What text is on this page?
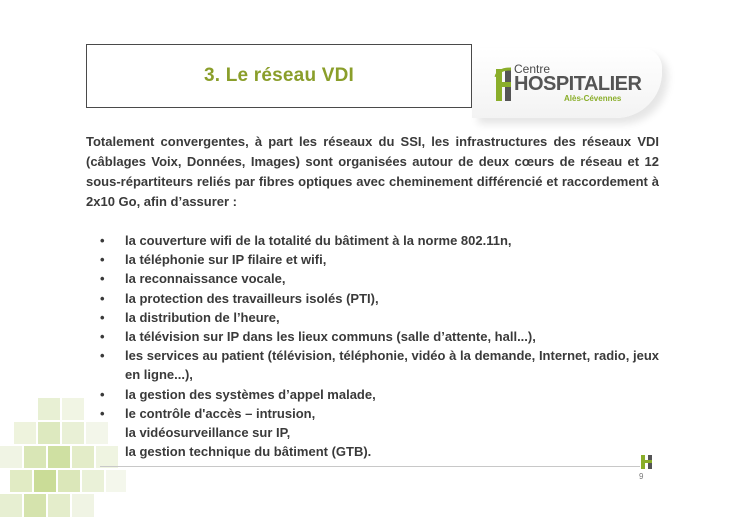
3. Le réseau VDI	Centre
HOSPITALIER
Alès-Cévennes

Totalement convergentes, à part les réseaux du SSI, les infrastructures des réseaux VDI (câblages Voix, Données, Images) sont organisées autour de deux cœurs de réseau et 12 sous-répartiteurs reliés par fibres optiques avec cheminement différencié et raccordement à 2x10 Go, afin d’assurer :

• la couverture wifi de la totalité du bâtiment à la norme 802.11n,
• la téléphonie sur IP filaire et wifi,
• la reconnaissance vocale,
• la protection des travailleurs isolés (PTI),
• la distribution de l’heure,
• la télévision sur IP dans les lieux communs (salle d’attente, hall...),
• les services au patient (télévision, téléphonie, vidéo à la demande, Internet, radio, jeux en ligne...),
• la gestion des systèmes d’appel malade,
• le contrôle d'accès – intrusion,
la vidéosurveillance sur IP,
la gestion technique du bâtiment (GTB).
9
